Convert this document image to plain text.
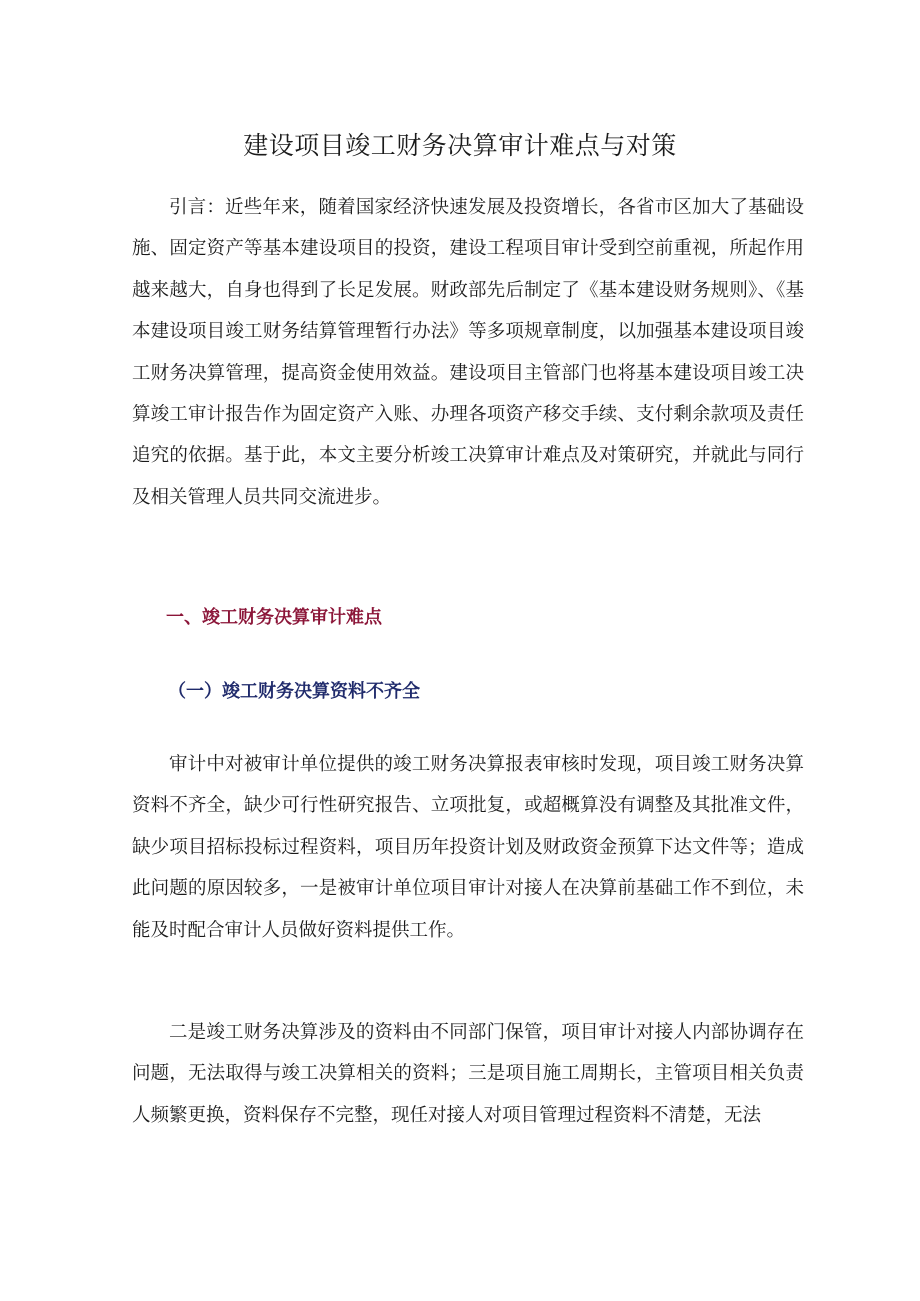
建设项目竣工财务决算审计难点与对策

引言：近些年来，随着国家经济快速发展及投资增长，各省市区加大了基础设施、固定资产等基本建设项目的投资，建设工程项目审计受到空前重视，所起作用越来越大，自身也得到了长足发展。财政部先后制定了《基本建设财务规则》、《基本建设项目竣工财务结算管理暂行办法》等多项规章制度，以加强基本建设项目竣工财务决算管理，提高资金使用效益。建设项目主管部门也将基本建设项目竣工决算竣工审计报告作为固定资产入账、办理各项资产移交手续、支付剩余款项及责任追究的依据。基于此，本文主要分析竣工决算审计难点及对策研究，并就此与同行及相关管理人员共同交流进步。

一、竣工财务决算审计难点
（一）竣工财务决算资料不齐全

审计中对被审计单位提供的竣工财务决算报表审核时发现，项目竣工财务决算资料不齐全，缺少可行性研究报告、立项批复，或超概算没有调整及其批准文件，缺少项目招标投标过程资料，项目历年投资计划及财政资金预算下达文件等；造成此问题的原因较多，一是被审计单位项目审计对接人在决算前基础工作不到位，未能及时配合审计人员做好资料提供工作。

二是竣工财务决算涉及的资料由不同部门保管，项目审计对接人内部协调存在问题，无法取得与竣工决算相关的资料；三是项目施工周期长，主管项目相关负责人频繁更换，资料保存不完整，现任对接人对项目管理过程资料不清楚，无法
